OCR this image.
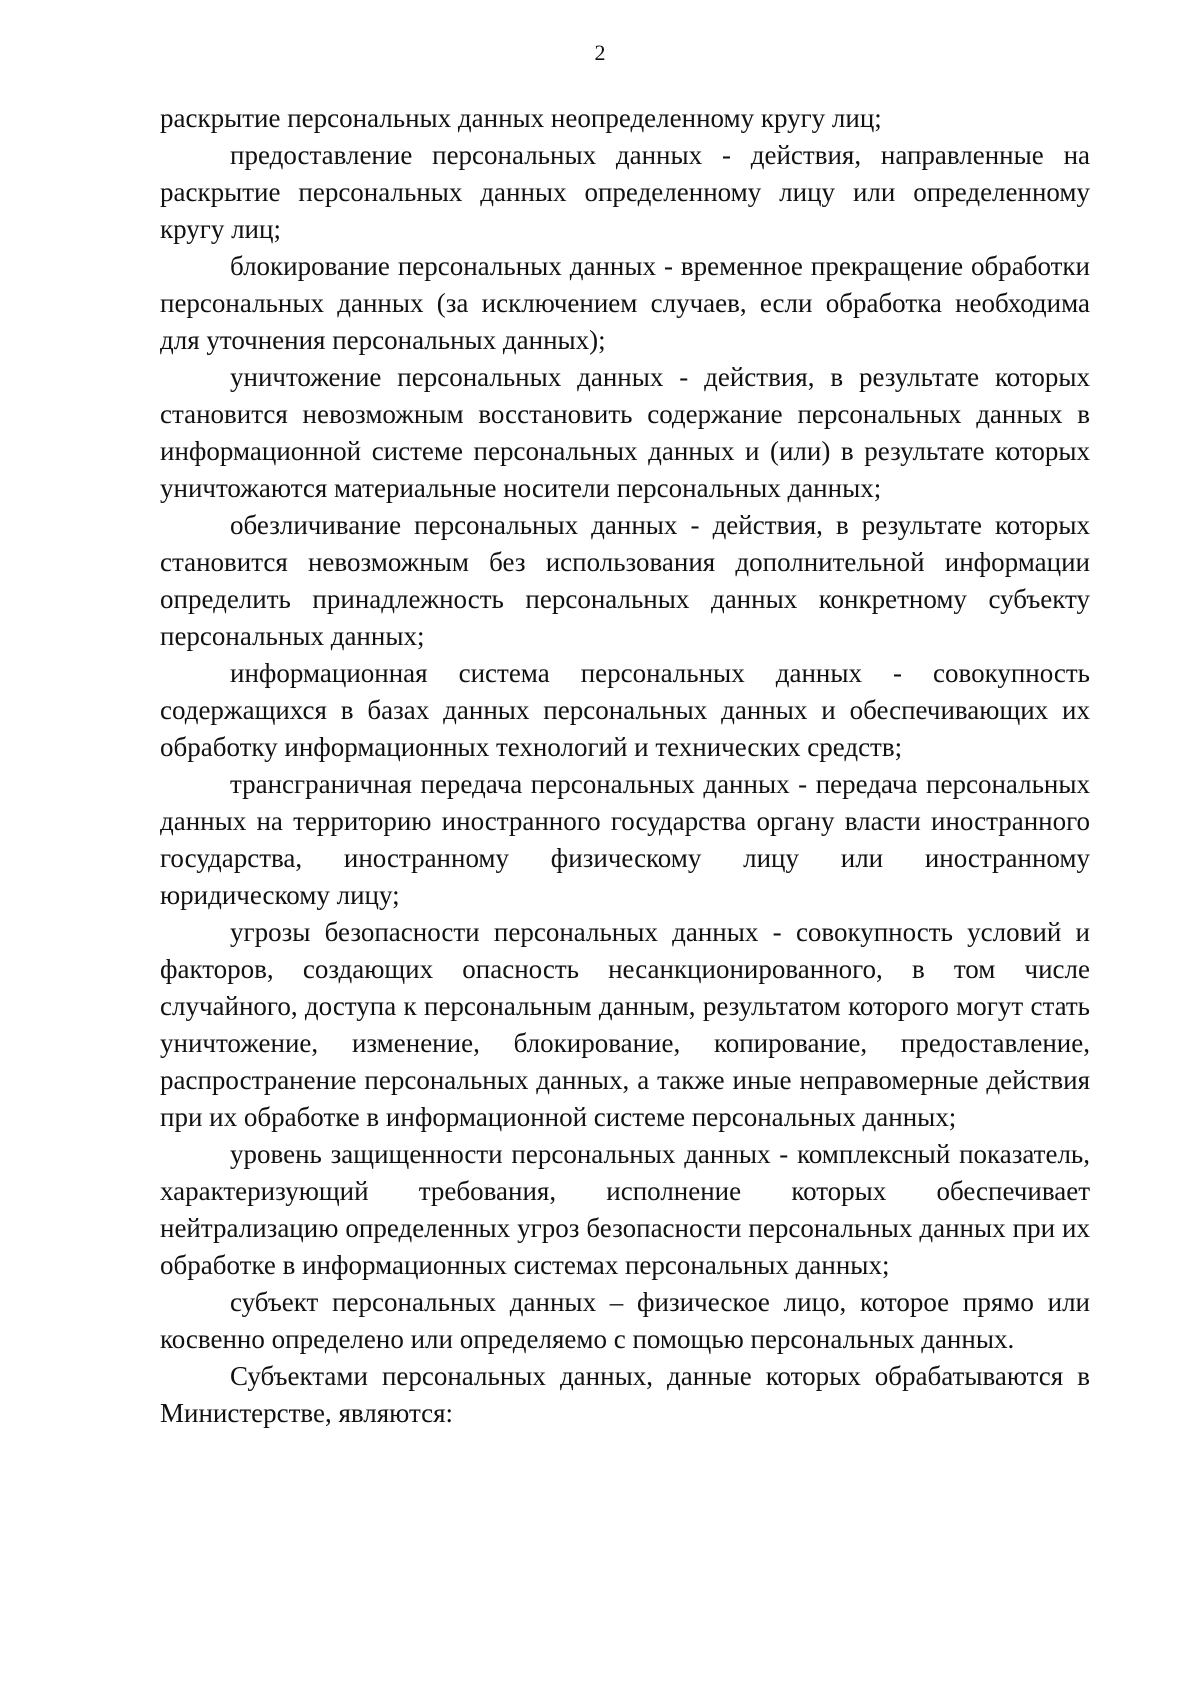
2

раскрытие персональных данных неопределенному кругу лиц;

предоставление персональных данных - действия, направленные на раскрытие персональных данных определенному лицу или определенному кругу лиц;

блокирование персональных данных - временное прекращение обработки персональных данных (за исключением случаев, если обработка необходима для уточнения персональных данных);

уничтожение персональных данных - действия, в результате которых становится невозможным восстановить содержание персональных данных в информационной системе персональных данных и (или) в результате которых уничтожаются материальные носители персональных данных;

обезличивание персональных данных - действия, в результате которых становится невозможным без использования дополнительной информации определить принадлежность персональных данных конкретному субъекту персональных данных;

информационная система персональных данных - совокупность содержащихся в базах данных персональных данных и обеспечивающих их обработку информационных технологий и технических средств;

трансграничная передача персональных данных - передача персональных данных на территорию иностранного государства органу власти иностранного государства, иностранному физическому лицу или иностранному юридическому лицу;

угрозы безопасности персональных данных - совокупность условий и факторов, создающих опасность несанкционированного, в том числе случайного, доступа к персональным данным, результатом которого могут стать уничтожение, изменение, блокирование, копирование, предоставление, распространение персональных данных, а также иные неправомерные действия при их обработке в информационной системе персональных данных;

уровень защищенности персональных данных - комплексный показатель, характеризующий требования, исполнение которых обеспечивает нейтрализацию определенных угроз безопасности персональных данных при их обработке в информационных системах персональных данных;

субъект персональных данных – физическое лицо, которое прямо или косвенно определено или определяемо с помощью персональных данных.

Субъектами персональных данных, данные которых обрабатываются в Министерстве, являются:
